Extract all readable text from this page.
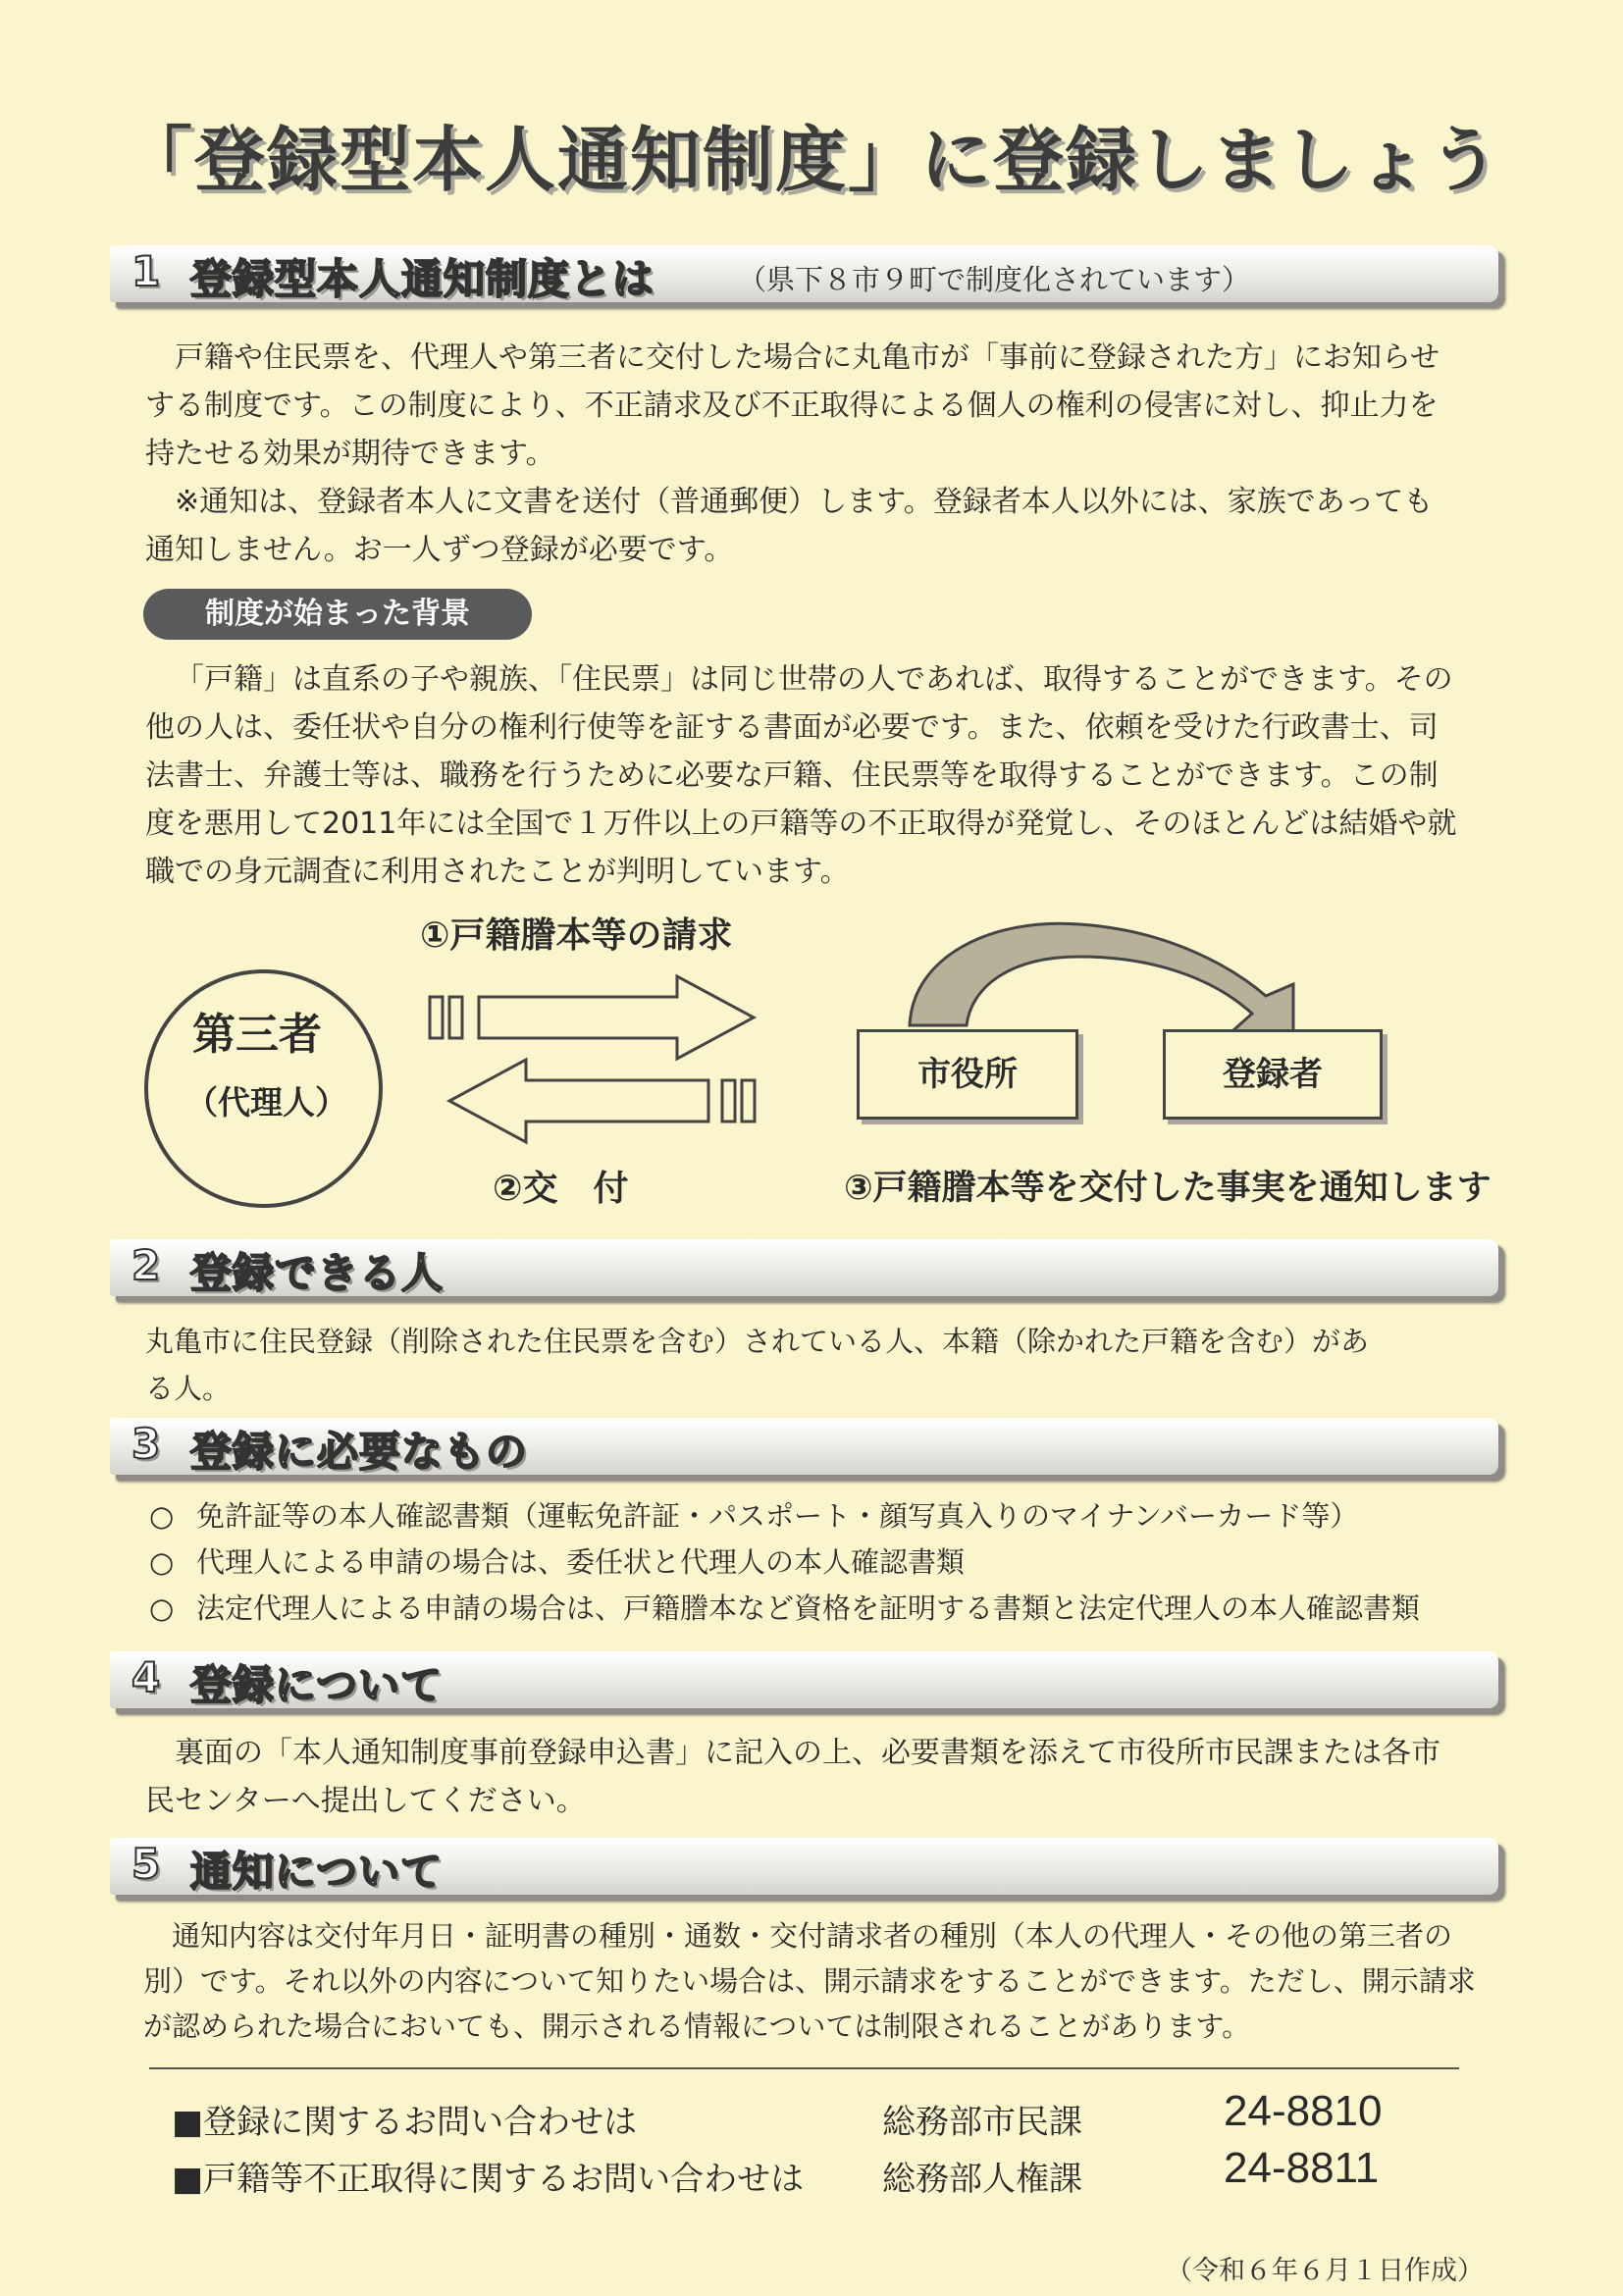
「登録型本人通知制度」に登録しましょう
1 登録型本人通知制度とは	（県下８市９町で制度化されています）
戸籍や住民票を、代理人や第三者に交付した場合に丸亀市が「事前に登録された方」にお知らせする制度です。この制度により、不正請求及び不正取得による個人の権利の侵害に対し、抑止力を持たせる効果が期待できます。
※通知は、登録者本人に文書を送付（普通郵便）します。登録者本人以外には、家族であっても通知しません。お一人ずつ登録が必要です。
制度が始まった背景
「戸籍」は直系の子や親族、「住民票」は同じ世帯の人であれば、取得することができます。その他の人は、委任状や自分の権利行使等を証する書面が必要です。また、依頼を受けた行政書士、司法書士、弁護士等は、職務を行うために必要な戸籍、住民票等を取得することができます。この制度を悪用して2011年には全国で１万件以上の戸籍等の不正取得が発覚し、そのほとんどは結婚や就職での身元調査に利用されたことが判明しています。
①戸籍謄本等の請求
第三者
（代理人）
市役所	登録者
②交　付	③戸籍謄本等を交付した事実を通知します
2 登録できる人
丸亀市に住民登録（削除された住民票を含む）されている人、本籍（除かれた戸籍を含む）がある人。
3 登録に必要なもの
○ 免許証等の本人確認書類（運転免許証・パスポート・顔写真入りのマイナンバーカード等）
○ 代理人による申請の場合は、委任状と代理人の本人確認書類
○ 法定代理人による申請の場合は、戸籍謄本など資格を証明する書類と法定代理人の本人確認書類
4 登録について
裏面の「本人通知制度事前登録申込書」に記入の上、必要書類を添えて市役所市民課または各市民センターへ提出してください。
5 通知について
通知内容は交付年月日・証明書の種別・通数・交付請求者の種別（本人の代理人・その他の第三者の別）です。それ以外の内容について知りたい場合は、開示請求をすることができます。ただし、開示請求が認められた場合においても、開示される情報については制限されることがあります。
■登録に関するお問い合わせは	総務部市民課	24-8810
■戸籍等不正取得に関するお問い合わせは 総務部人権課	24-8811
（令和６年６月１日作成）
